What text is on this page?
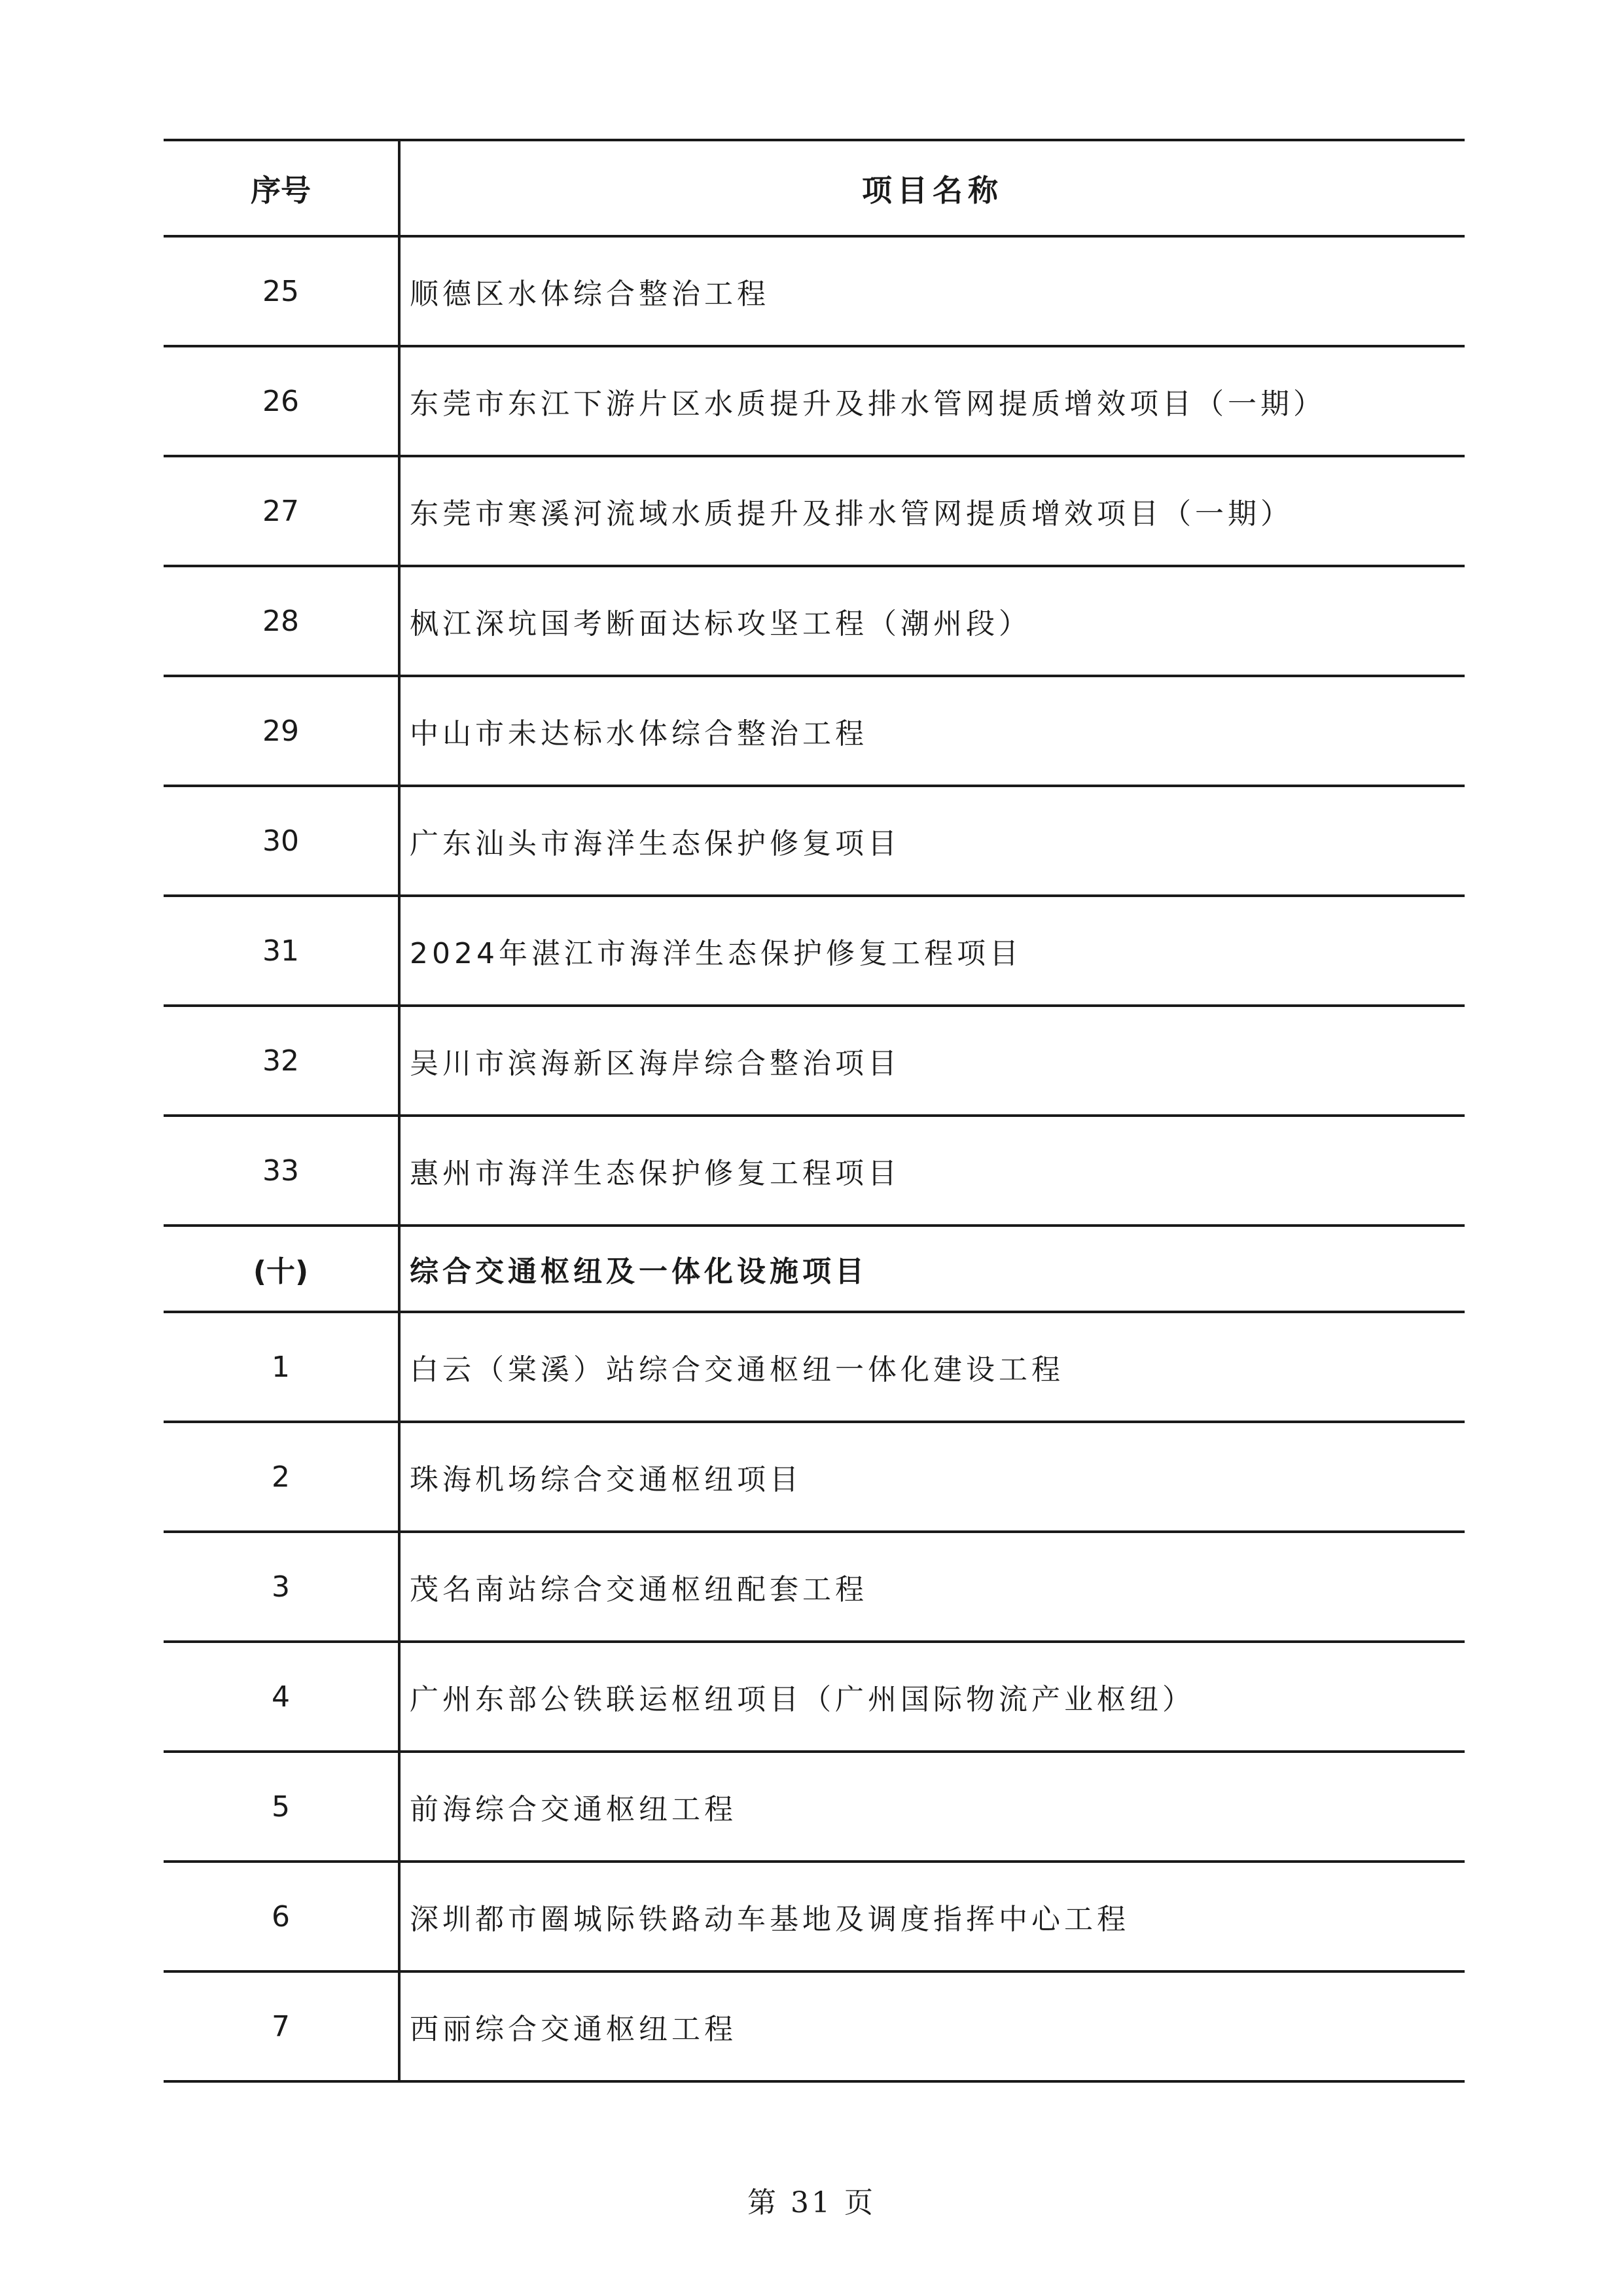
序号	项目名称
25	顺德区水体综合整治工程
26	东莞市东江下游片区水质提升及排水管网提质增效项目（一期）
27	东莞市寒溪河流域水质提升及排水管网提质增效项目（一期）
28	枫江深坑国考断面达标攻坚工程（潮州段）
29	中山市未达标水体综合整治工程
30	广东汕头市海洋生态保护修复项目
31	2024年湛江市海洋生态保护修复工程项目
32	吴川市滨海新区海岸综合整治项目
33	惠州市海洋生态保护修复工程项目
(十)	综合交通枢纽及一体化设施项目
1	白云（棠溪）站综合交通枢纽一体化建设工程
2	珠海机场综合交通枢纽项目
3	茂名南站综合交通枢纽配套工程
4	广州东部公铁联运枢纽项目（广州国际物流产业枢纽）
5	前海综合交通枢纽工程
6	深圳都市圈城际铁路动车基地及调度指挥中心工程
7	西丽综合交通枢纽工程
第 31 页
